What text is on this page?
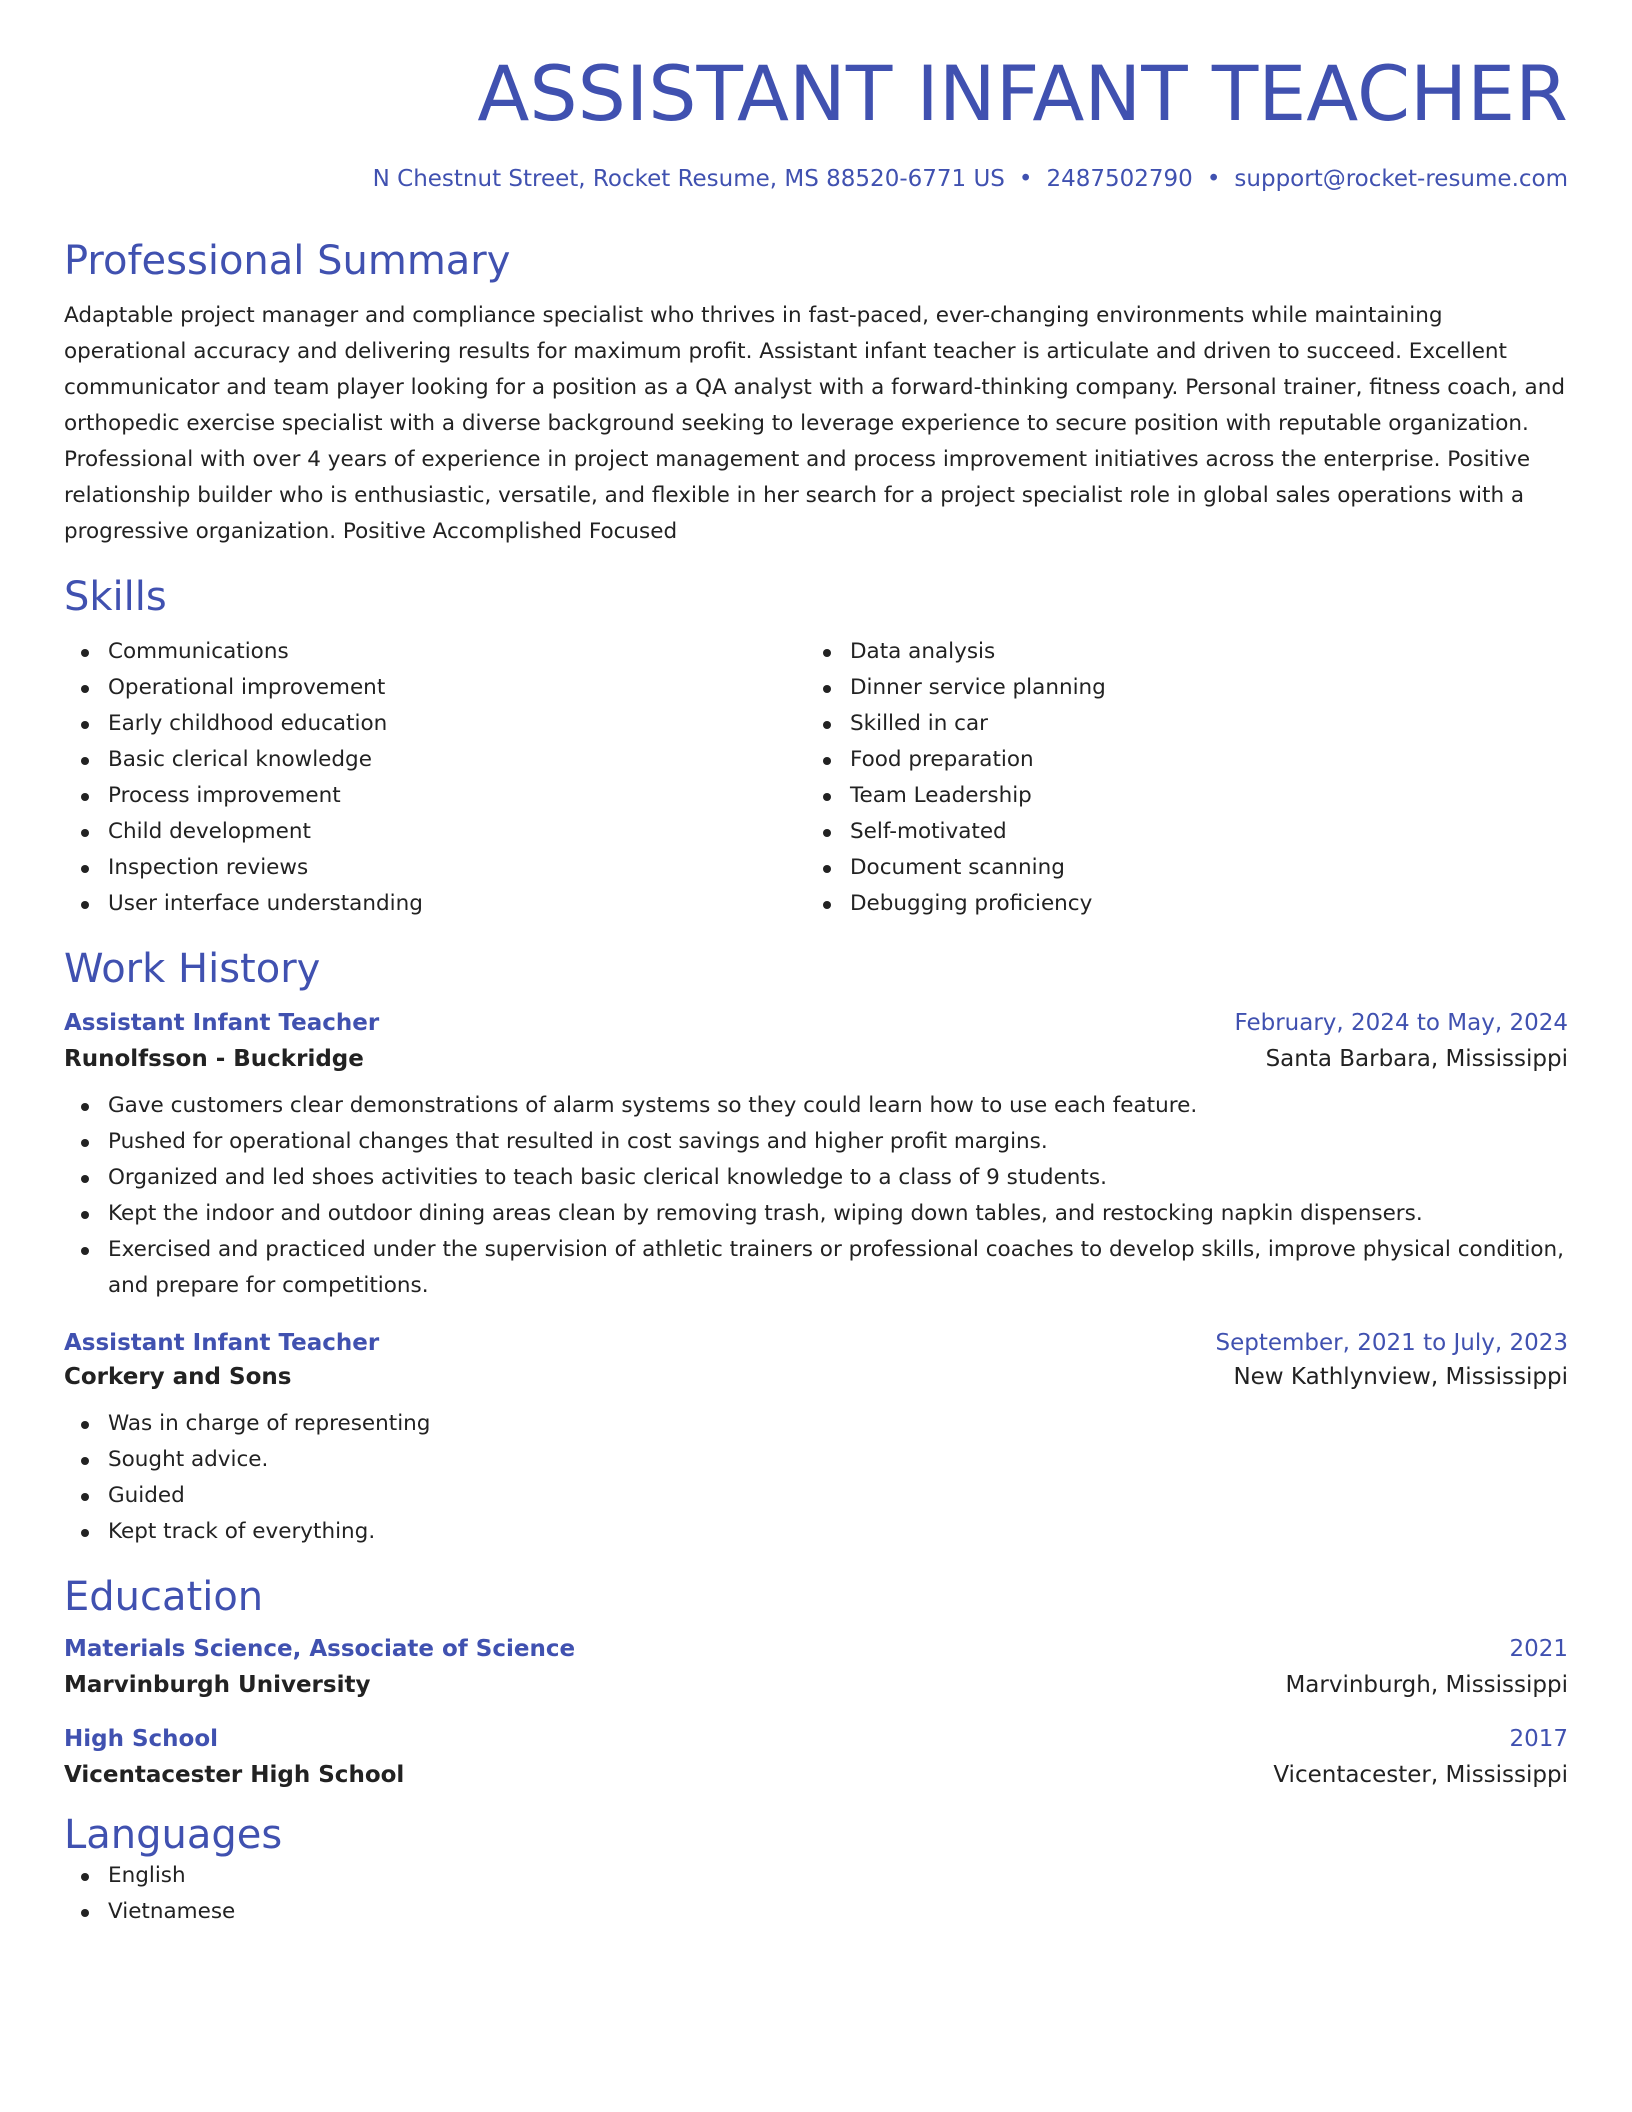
ASSISTANT INFANT TEACHER
N Chestnut Street, Rocket Resume, MS 88520-6771 US • 2487502790 • support@rocket-resume.com
Professional Summary
Adaptable project manager and compliance specialist who thrives in fast-paced, ever-changing environments while maintaining operational accuracy and delivering results for maximum profit. Assistant infant teacher is articulate and driven to succeed. Excellent communicator and team player looking for a position as a QA analyst with a forward-thinking company. Personal trainer, fitness coach, and orthopedic exercise specialist with a diverse background seeking to leverage experience to secure position with reputable organization. Professional with over 4 years of experience in project management and process improvement initiatives across the enterprise. Positive relationship builder who is enthusiastic, versatile, and flexible in her search for a project specialist role in global sales operations with a progressive organization. Positive Accomplished Focused
Skills
Communications
Operational improvement
Early childhood education
Basic clerical knowledge
Process improvement
Child development
Inspection reviews
User interface understanding
Data analysis
Dinner service planning
Skilled in car
Food preparation
Team Leadership
Self-motivated
Document scanning
Debugging proficiency
Work History
Assistant Infant Teacher	February, 2024 to May, 2024
Runolfsson - Buckridge	Santa Barbara, Mississippi
Gave customers clear demonstrations of alarm systems so they could learn how to use each feature.
Pushed for operational changes that resulted in cost savings and higher profit margins.
Organized and led shoes activities to teach basic clerical knowledge to a class of 9 students.
Kept the indoor and outdoor dining areas clean by removing trash, wiping down tables, and restocking napkin dispensers.
Exercised and practiced under the supervision of athletic trainers or professional coaches to develop skills, improve physical condition, and prepare for competitions.
Assistant Infant Teacher	September, 2021 to July, 2023
Corkery and Sons	New Kathlynview, Mississippi
Was in charge of representing
Sought advice.
Guided
Kept track of everything.
Education
Materials Science, Associate of Science	2021
Marvinburgh University	Marvinburgh, Mississippi
High School	2017
Vicentacester High School	Vicentacester, Mississippi
Languages
English
Vietnamese
